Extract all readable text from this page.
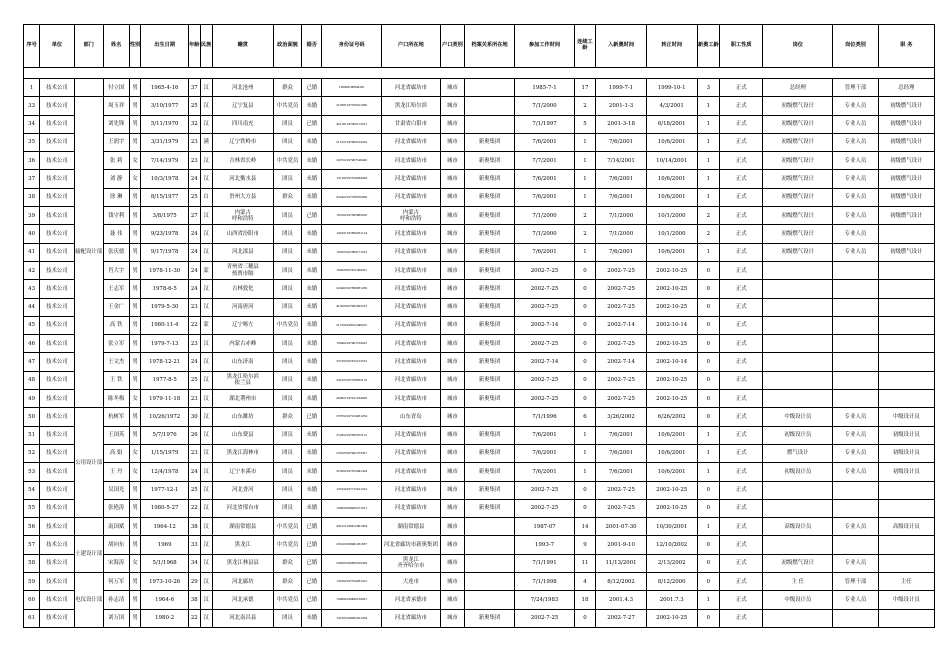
序号	单位	部门	姓名	性别	出生日期	年龄	民族	籍贯	政治面貌	婚否	身份证号码	户口所在地	户口类别	档案关系所在地	参加工作时间	连续工龄	入新奥时间	转正时间	新奥工龄	职工性质	岗位	岗位类别	职 务

1	技术公司		付立国	男	1965-4-16	37	汉	河北沧州	群众	已婚	130983196504161	河北省廊坊市	城市		1985-7-1	17	1999-7-1	1999-10-1	3	正式	总经理	管理干部	总经理
33	技术公司	输配设计部	周玉祥	男	3/10/1977	25	汉	辽宁复县	中共党员	未婚	210281197703101456	黑龙江哈尔滨	城市		7/1/2000	2	2001-1-3	4/3/2001	1	正式	初级燃气设计	专业人员	初级燃气设计
34	技术公司		刘先锋	男	5/11/1970	32	汉	四川南充	团员	已婚	421181197005113011	甘肃省白银市	城市		7/1/1997	5	2001-3-18	6/18/2001	1	正式	初级燃气设计	专业人员	初级燃气设计
35	技术公司		王润宇	男	3/31/1979	23	满	辽宁铁岭市	团员	未婚	211221197903312419	河北省廊坊市	城市	新奥集团	7/6/2001	1	7/6/2001	10/6/2001	1	正式	初级燃气设计	专业人员	初级燃气设计
36	技术公司		张 莉	女	7/14/1979	23	汉	吉林省长岭	中共党员	未婚	220722197907146420	河北省廊坊市	城市	新奥集团	7/7/2001	1	7/14/2001	10/14/2001	1	正式	初级燃气设计	专业人员	初级燃气设计
37	技术公司		刘 静	女	10/3/1978	24	汉	河北衡水县	团员	未婚	131182197810034328	河北省廊坊市	城市	新奥集团	7/6/2001	1	7/6/2001	10/6/2001	1	正式	初级燃气设计	专业人员	初级燃气设计
38	技术公司		徐 琳	男	8/15/1977	25	白	贵州大方县	群众	未婚	522422197708150039	河北省廊坊市	城市	新奥集团	7/6/2001	1	7/6/2001	10/6/2001	1	正式	初级燃气设计	专业人员	初级燃气设计
39	技术公司		钱守利	男	3/8/1975	27	汉	内蒙古
呼和浩特	团员	已婚	150102197503085018	内蒙古
呼和浩特	城市	新奥集团	7/1/2000	2	7/1/2000	10/1/2000	2	正式	初级燃气设计	专业人员	初级燃气设计
40	技术公司		聂 伟	男	9/23/1978	24	汉	山西省汾阳市	团员	未婚	142331197809231114	河北省廊坊市	城市	新奥集团	7/1/2000	2	7/1/2000	10/1/2000	2	正式	初级燃气设计	专业人员	
41	技术公司		张庆德	男	9/17/1978	24	汉	河北滦县	团员	未婚	130223197809171613	河北省廊坊市	城市	新奥集团	7/6/2001	1	7/6/2001	10/6/2001	1	正式	初级燃气设计	专业人员	初级燃气设计
42	技术公司		肖大宇	男	1978-11-30	24	蒙	青州省三穗县
热贾市隔	团员	未婚	152628197811300231	河北省廊坊市	城市	新奥集团	2002-7-25	0	2002-7-25	2002-10-25	0	正式			
43	技术公司		王志军	男	1978-6-5	24	汉	吉林敦化	团员	未婚	222403197806051230	河北省廊坊市	城市	新奥集团	2002-7-25	0	2002-7-25	2002-10-25	0	正式			
44	技术公司		王金广	男	1979-5-30	23	汉	河南唐河	团员	未婚	412926197905302213	河北省廊坊市	城市	新奥集团	2002-7-25	0	2002-7-25	2002-10-25	0	正式			
45	技术公司		高 铁	男	1980-11-4	22	蒙	辽宁喀左	中共党员	未婚	211324198011040015	河北省廊坊市	城市	新奥集团	2002-7-14	0	2002-7-14	2002-10-14	0	正式			
46	技术公司		张立军	男	1979-7-13	23	汉	内蒙古赤峰	团员	未婚	150402197907130415	河北省廊坊市	城市	新奥集团	2002-7-25	0	2002-7-25	2002-10-25	0	正式			
47	技术公司		王文杰	男	1978-12-21	24	汉	山东济南	团员	未婚	370103197812212512	河北省廊坊市	城市	新奥集团	2002-7-14	0	2002-7-14	2002-10-14	0	正式			
48	技术公司		王 铁	男	1977-8-5	25	汉	黑龙江哈尔滨
依兰县	团员	未婚	230123197708053116	河北省廊坊市	城市	新奥集团	2002-7-25	0	2002-7-25	2002-10-25	0	正式			
49	技术公司		陈冬梅	女	1979-11-18	23	汉	湖北荆州市	团员	未婚	420821197911184026	河北省廊坊市	城市	新奥集团	2002-7-25	0	2002-7-25	2002-10-25	0	正式			
50	技术公司	公用设计部	杭树军	男	10/26/1972	30	汉	山东潍坊	群众	已婚	370702197210261254	山东青岛	城市		7/1/1996	6	3/26/2002	6/26/2002	0	正式	中级设计员	专业人员	中级设计员
51	技术公司		王国英	男	5/7/1976	26	汉	山东费县	团员	未婚	372822197605073112	河北省廊坊市	城市	新奥集团	7/6/2001	1	7/6/2001	10/6/2001	1	正式	初级设计员	专业人员	初级设计员
52	技术公司		高 娟	女	1/15/1979	23	汉	黑龙江海林市	团员	未婚	231025197901153327	河北省廊坊市	城市	新奥集团	7/6/2001	1	7/6/2001	10/6/2001	1	正式	燃气设计	专业人员	初级设计员
53	技术公司		王 丹	女	12/4/1978	24	汉	辽宁本溪市	团员	未婚	210502197812041324	河北省廊坊市	城市	新奥集团	7/6/2001	1	7/6/2001	10/6/2001	1	正式	初级设计员	专业人员	初级设计员
54	技术公司		吴国光	男	1977-12-1	25	汉	河北香河	团员	未婚	131024197712011413	河北省廊坊市	城市	新奥集团	2002-7-25	0	2002-7-25	2002-10-25	0	正式			
55	技术公司		张艳涛	男	1980-5-27	22	汉	河北省邢台市	团员	未婚	130528198005271811	河北省廊坊市	城市	新奥集团	2002-7-25	0	2002-7-25	2002-10-25	0	正式			
56	技术公司		南国斌	男	1964-12	38	汉	湖南常德县	中共党员	已婚	432121196412061834	湖南常德县	城市		1987-07	14	2001-07-30	10/30/2001	1	正式	高级设计员	专业人员	高级设计员
57	技术公司	土建设计部	胡向东	男	1969	33	汉	黑龙江	中共党员	已婚	230103196901261637	河北省廊坊市新奥集团	城市		1993-7	9	2001-9-10	12/10/2002	0	正式			
58	技术公司		宋海涛	女	5/1/1968	34	汉	黑龙江林县县	群众	已婚	230205196805010329	黑龙江
齐齐哈尔市	城市		7/1/1991	11	11/13/2001	2/13/2002	0	正式	初级燃气设计	专业人员	
59	技术公司	电仪设计部	何万军	男	1973-10-26	29	汉	河北廊坊	群众	已婚	131002197310261413	大连市	城市		7/1/1998	4	8/12/2002	8/12/2000	0	正式	主 任	管理干部	主任
60	技术公司		孙志清	男	1964-6	38	汉	河北承德	中共党员	已婚	130804196406130031	河北省承德市	城市		7/24/1983	18	2001.4.3	2001.7.3	1	正式	中级设计员	专业人员	中级设计员
61	技术公司		刘万国	男	1980-2	22	汉	河北南昌县	团员	未婚	131202198002221234	河北省廊坊市	城市	新奥集团	2002-7-25	0	2002-7-27	2002-10-25	0	正式			
